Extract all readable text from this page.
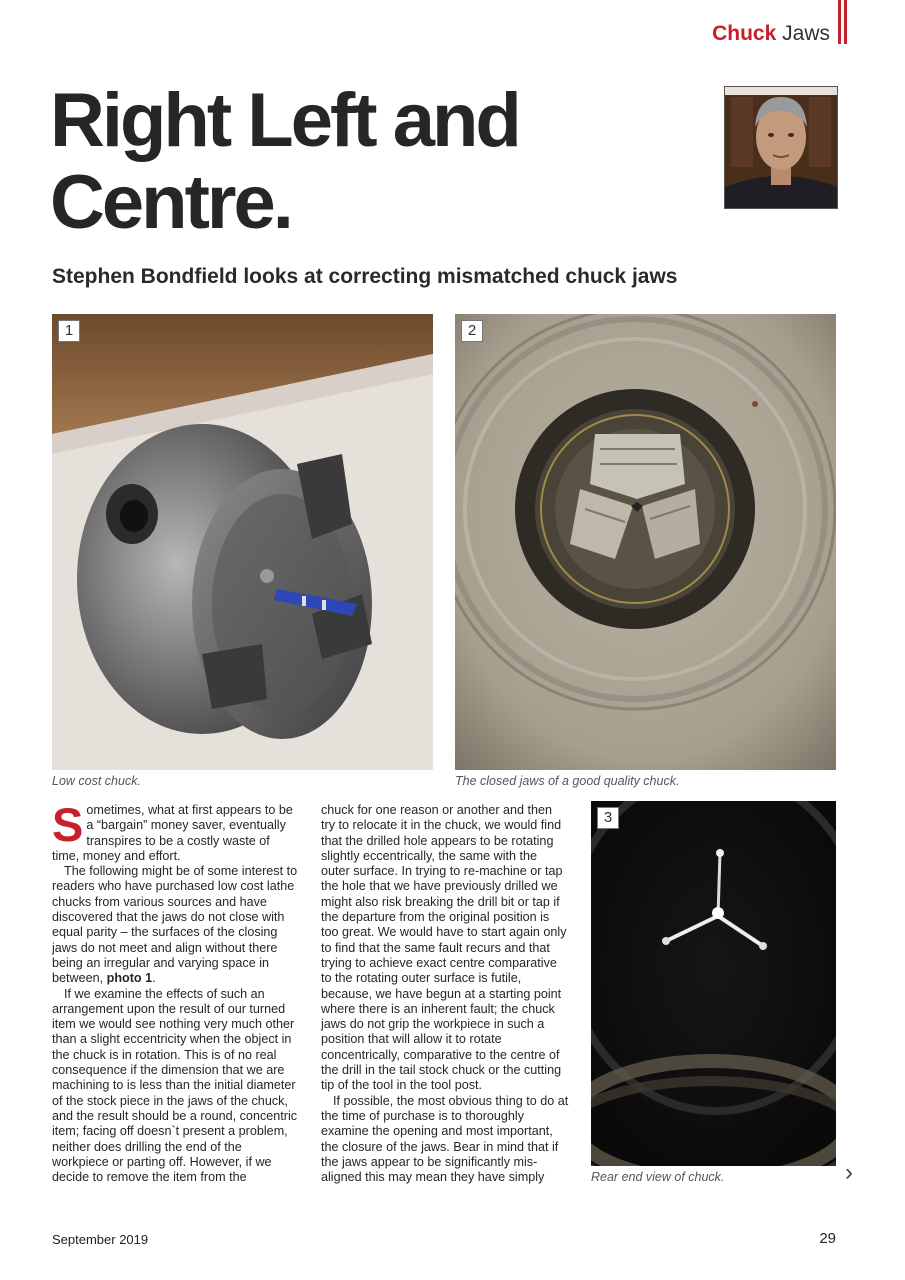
Chuck Jaws
Right Left and Centre.
Stephen Bondfield looks at correcting mismatched chuck jaws
1
Low cost chuck.
2
The closed jaws of a good quality chuck.

Sometimes, what at first appears to be a “bargain” money saver, eventually transpires to be a costly waste of time, money and effort.

The following might be of some interest to readers who have purchased low cost lathe chucks from various sources and have discovered that the jaws do not close with equal parity – the surfaces of the closing jaws do not meet and align without there being an irregular and varying space in between, photo 1.

If we examine the effects of such an arrangement upon the result of our turned item we would see nothing very much other than a slight eccentricity when the object in the chuck is in rotation. This is of no real consequence if the dimension that we are machining to is less than the initial diameter of the stock piece in the jaws of the chuck, and the result should be a round, concentric item; facing off doesn`t present a problem, neither does drilling the end of the workpiece or parting off. However, if we decide to remove the item from the

chuck for one reason or another and then try to relocate it in the chuck, we would find that the drilled hole appears to be rotating slightly eccentrically, the same with the outer surface. In trying to re-machine or tap the hole that we have previously drilled we might also risk breaking the drill bit or tap if the departure from the original position is too great. We would have to start again only to find that the same fault recurs and that trying to achieve exact centre comparative to the rotating outer surface is futile, because, we have begun at a starting point where there is an inherent fault; the chuck jaws do not grip the workpiece in such a position that will allow it to rotate concentrically, comparative to the centre of the drill in the tail stock chuck or the cutting tip of the tool in the tool post.

If possible, the most obvious thing to do at the time of purchase is to thoroughly examine the opening and most important, the closure of the jaws. Bear in mind that if the jaws appear to be significantly mis-aligned this may mean they have simply

3
Rear end view of chuck.	›
September 2019	29
